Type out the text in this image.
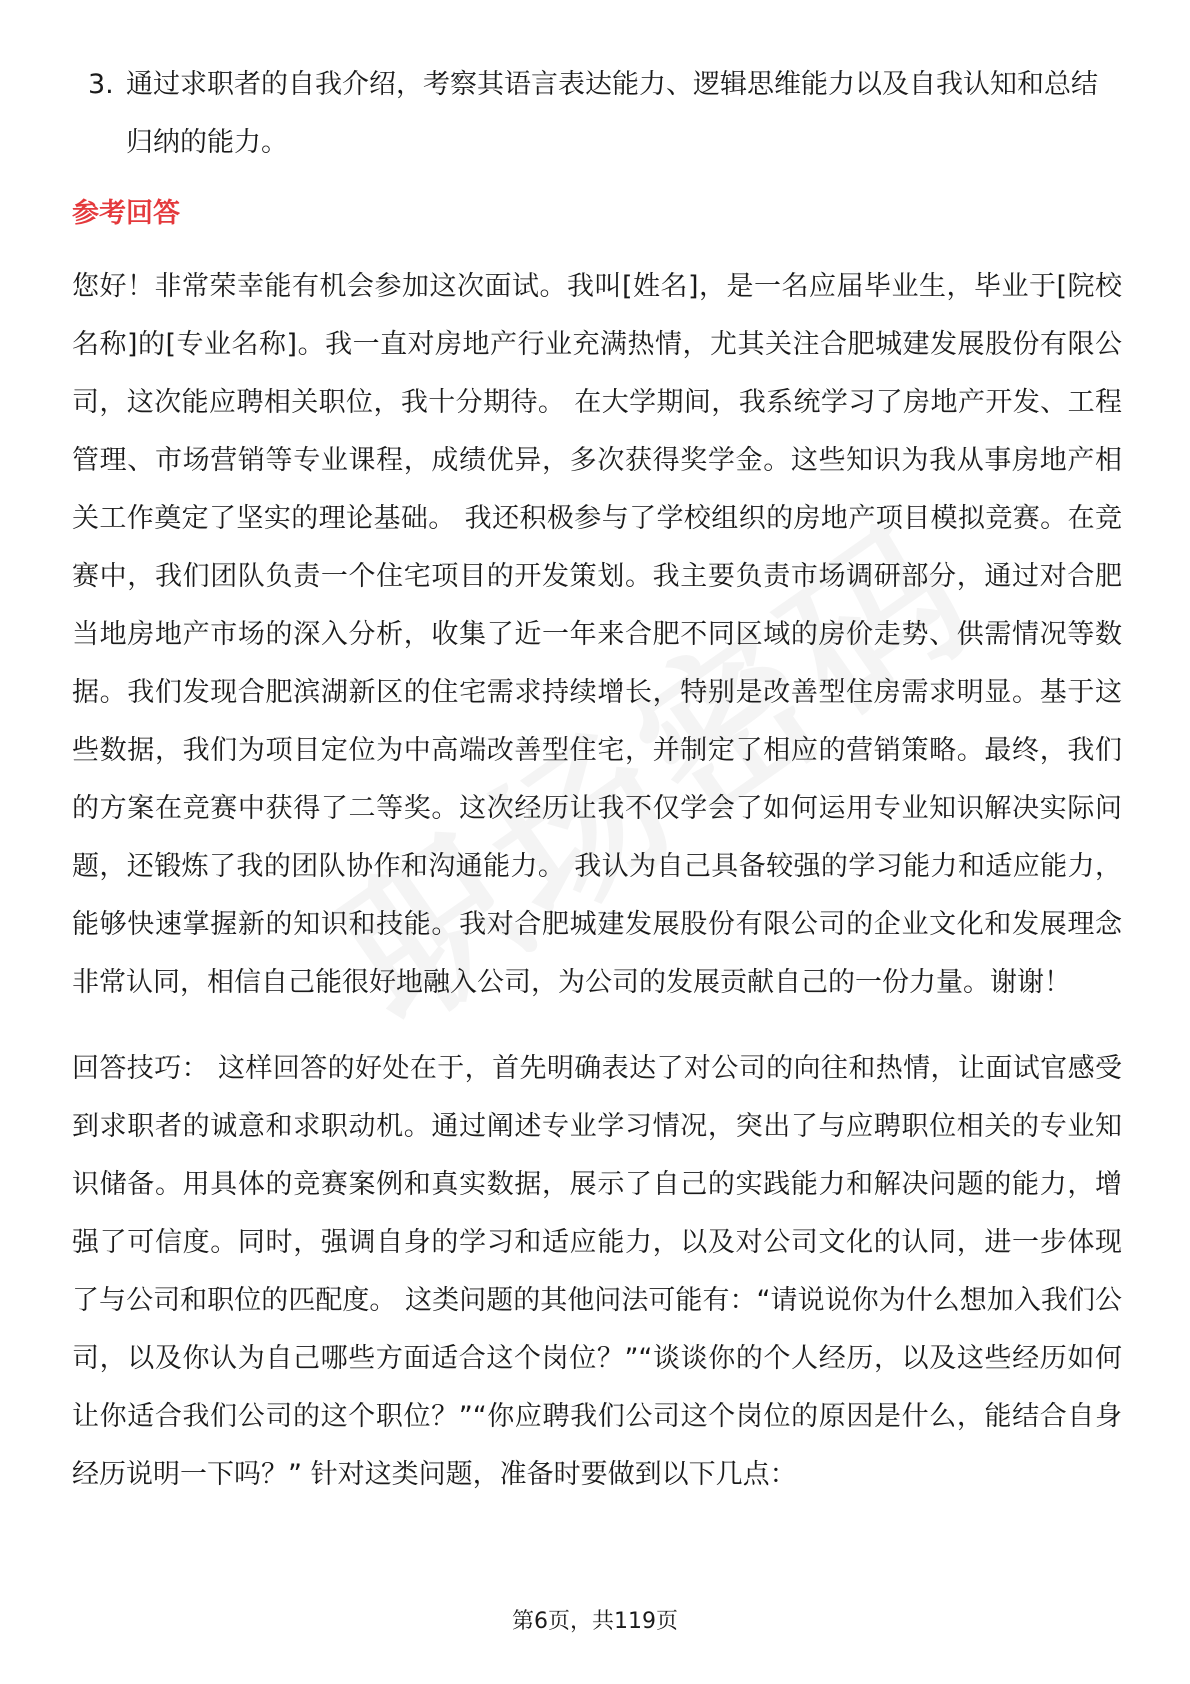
3. 通过求职者的自我介绍，考察其语言表达能力、逻辑思维能力以及自我认知和总结归纳的能力。

参考回答

您好！非常荣幸能有机会参加这次面试。我叫[姓名]，是一名应届毕业生，毕业于[院校名称]的[专业名称]。我一直对房地产行业充满热情，尤其关注合肥城建发展股份有限公司，这次能应聘相关职位，我十分期待。 在大学期间，我系统学习了房地产开发、工程管理、市场营销等专业课程，成绩优异，多次获得奖学金。这些知识为我从事房地产相关工作奠定了坚实的理论基础。 我还积极参与了学校组织的房地产项目模拟竞赛。在竞赛中，我们团队负责一个住宅项目的开发策划。我主要负责市场调研部分，通过对合肥当地房地产市场的深入分析，收集了近一年来合肥不同区域的房价走势、供需情况等数据。我们发现合肥滨湖新区的住宅需求持续增长，特别是改善型住房需求明显。基于这些数据，我们为项目定位为中高端改善型住宅，并制定了相应的营销策略。最终，我们的方案在竞赛中获得了二等奖。这次经历让我不仅学会了如何运用专业知识解决实际问题，还锻炼了我的团队协作和沟通能力。 我认为自己具备较强的学习能力和适应能力，能够快速掌握新的知识和技能。我对合肥城建发展股份有限公司的企业文化和发展理念非常认同，相信自己能很好地融入公司，为公司的发展贡献自己的一份力量。谢谢！

回答技巧： 这样回答的好处在于，首先明确表达了对公司的向往和热情，让面试官感受到求职者的诚意和求职动机。通过阐述专业学习情况，突出了与应聘职位相关的专业知识储备。用具体的竞赛案例和真实数据，展示了自己的实践能力和解决问题的能力，增强了可信度。同时，强调自身的学习和适应能力，以及对公司文化的认同，进一步体现了与公司和职位的匹配度。 这类问题的其他问法可能有：“请说说你为什么想加入我们公司，以及你认为自己哪些方面适合这个岗位？”“谈谈你的个人经历，以及这些经历如何让你适合我们公司的这个职位？”“你应聘我们公司这个岗位的原因是什么，能结合自身经历说明一下吗？” 针对这类问题，准备时要做到以下几点：

第6页，共119页
